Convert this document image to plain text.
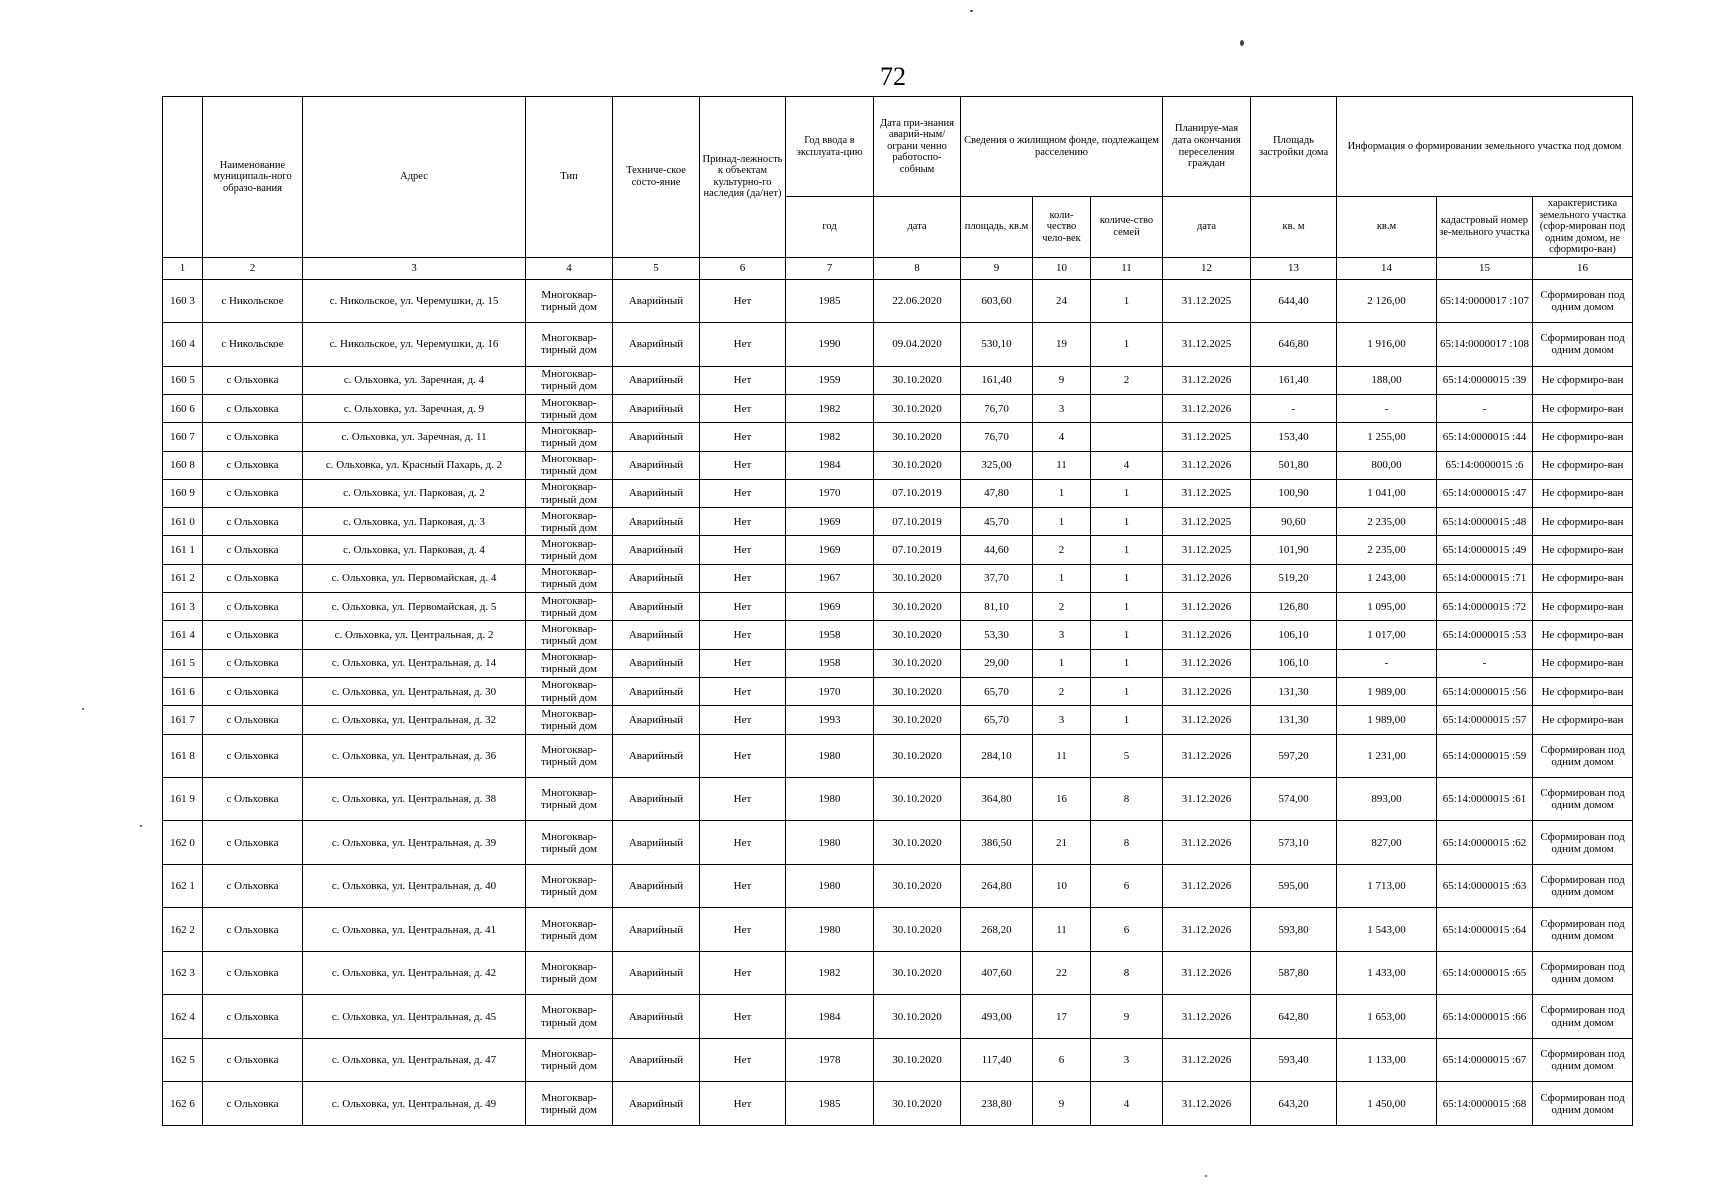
72
	Наименование муниципаль-ного образо-вания	Адрес	Тип	Техниче-ское состо-яние	Принад-лежность к объектам культурно-го наследия (да/нет)	Год ввода в эксплуата-цию	Дата при-знания аварий-ным/ограни ченно работоспо-собным	Сведения о жилищном фонде, подлежащем расселению			Планируе-мая дата окончания переселения граждан	Площадь застройки дома	Информация о формировании земельного участка под домом		
						год	дата	площадь, кв.м	коли-чество чело-век	количе-ство семей	дата	кв. м	кв.м	кадастровый номер зе-мельного участка	характеристика земельного участка (сфор-мирован под одним домом, не сформиро-ван)
1	2	3	4	5	6	7	8	9	10	11	12	13	14	15	16
160 3	с Никольское	с. Никольское, ул. Черемушки, д. 15	Многоквар-тирный дом	Аварийный	Нет	1985	22.06.2020	603,60	24	1	31.12.2025	644,40	2 126,00	65:14:0000017 :107	Сформирован под одним домом
160 4	с Никольское	с. Никольское, ул. Черемушки, д. 16	Многоквар-тирный дом	Аварийный	Нет	1990	09.04.2020	530,10	19	1	31.12.2025	646,80	1 916,00	65:14:0000017 :108	Сформирован под одним домом
160 5	с Ольховка	с. Ольховка, ул. Заречная, д. 4	Многоквар-тирный дом	Аварийный	Нет	1959	30.10.2020	161,40	9	2	31.12.2026	161,40	188,00	65:14:0000015 :39	Не сформиро-ван
160 6	с Ольховка	с. Ольховка, ул. Заречная, д. 9	Многоквар-тирный дом	Аварийный	Нет	1982	30.10.2020	76,70	3		31.12.2026	-	-	-	Не сформиро-ван
160 7	с Ольховка	с. Ольховка, ул. Заречная, д. 11	Многоквар-тирный дом	Аварийный	Нет	1982	30.10.2020	76,70	4		31.12.2025	153,40	1 255,00	65:14:0000015 :44	Не сформиро-ван
160 8	с Ольховка	с. Ольховка, ул. Красный Пахарь, д. 2	Многоквар-тирный дом	Аварийный	Нет	1984	30.10.2020	325,00	11	4	31.12.2026	501,80	800,00	65:14:0000015 :6	Не сформиро-ван
160 9	с Ольховка	с. Ольховка, ул. Парковая, д. 2	Многоквар-тирный дом	Аварийный	Нет	1970	07.10.2019	47,80	1	1	31.12.2025	100,90	1 041,00	65:14:0000015 :47	Не сформиро-ван
161 0	с Ольховка	с. Ольховка, ул. Парковая, д. 3	Многоквар-тирный дом	Аварийный	Нет	1969	07.10.2019	45,70	1	1	31.12.2025	90,60	2 235,00	65:14:0000015 :48	Не сформиро-ван
161 1	с Ольховка	с. Ольховка, ул. Парковая, д. 4	Многоквар-тирный дом	Аварийный	Нет	1969	07.10.2019	44,60	2	1	31.12.2025	101,90	2 235,00	65:14:0000015 :49	Не сформиро-ван
161 2	с Ольховка	с. Ольховка, ул. Первомайская, д. 4	Многоквар-тирный дом	Аварийный	Нет	1967	30.10.2020	37,70	1	1	31.12.2026	519,20	1 243,00	65:14:0000015 :71	Не сформиро-ван
161 3	с Ольховка	с. Ольховка, ул. Первомайская, д. 5	Многоквар-тирный дом	Аварийный	Нет	1969	30.10.2020	81,10	2	1	31.12.2026	126,80	1 095,00	65:14:0000015 :72	Не сформиро-ван
161 4	с Ольховка	с. Ольховка, ул. Центральная, д. 2	Многоквар-тирный дом	Аварийный	Нет	1958	30.10.2020	53,30	3	1	31.12.2026	106,10	1 017,00	65:14:0000015 :53	Не сформиро-ван
161 5	с Ольховка	с. Ольховка, ул. Центральная, д. 14	Многоквар-тирный дом	Аварийный	Нет	1958	30.10.2020	29,00	1	1	31.12.2026	106,10	-	-	Не сформиро-ван
161 6	с Ольховка	с. Ольховка, ул. Центральная, д. 30	Многоквар-тирный дом	Аварийный	Нет	1970	30.10.2020	65,70	2	1	31.12.2026	131,30	1 989,00	65:14:0000015 :56	Не сформиро-ван
161 7	с Ольховка	с. Ольховка, ул. Центральная, д. 32	Многоквар-тирный дом	Аварийный	Нет	1993	30.10.2020	65,70	3	1	31.12.2026	131,30	1 989,00	65:14:0000015 :57	Не сформиро-ван
161 8	с Ольховка	с. Ольховка, ул. Центральная, д. 36	Многоквар-тирный дом	Аварийный	Нет	1980	30.10.2020	284,10	11	5	31.12.2026	597,20	1 231,00	65:14:0000015 :59	Сформирован под одним домом
161 9	с Ольховка	с. Ольховка, ул. Центральная, д. 38	Многоквар-тирный дом	Аварийный	Нет	1980	30.10.2020	364,80	16	8	31.12.2026	574,00	893,00	65:14:0000015 :61	Сформирован под одним домом
162 0	с Ольховка	с. Ольховка, ул. Центральная, д. 39	Многоквар-тирный дом	Аварийный	Нет	1980	30.10.2020	386,50	21	8	31.12.2026	573,10	827,00	65:14:0000015 :62	Сформирован под одним домом
162 1	с Ольховка	с. Ольховка, ул. Центральная, д. 40	Многоквар-тирный дом	Аварийный	Нет	1980	30.10.2020	264,80	10	6	31.12.2026	595,00	1 713,00	65:14:0000015 :63	Сформирован под одним домом
162 2	с Ольховка	с. Ольховка, ул. Центральная, д. 41	Многоквар-тирный дом	Аварийный	Нет	1980	30.10.2020	268,20	11	6	31.12.2026	593,80	1 543,00	65:14:0000015 :64	Сформирован под одним домом
162 3	с Ольховка	с. Ольховка, ул. Центральная, д. 42	Многоквар-тирный дом	Аварийный	Нет	1982	30.10.2020	407,60	22	8	31.12.2026	587,80	1 433,00	65:14:0000015 :65	Сформирован под одним домом
162 4	с Ольховка	с. Ольховка, ул. Центральная, д. 45	Многоквар-тирный дом	Аварийный	Нет	1984	30.10.2020	493,00	17	9	31.12.2026	642,80	1 653,00	65:14:0000015 :66	Сформирован под одним домом
162 5	с Ольховка	с. Ольховка, ул. Центральная, д. 47	Многоквар-тирный дом	Аварийный	Нет	1978	30.10.2020	117,40	6	3	31.12.2026	593,40	1 133,00	65:14:0000015 :67	Сформирован под одним домом
162 6	с Ольховка	с. Ольховка, ул. Центральная, д. 49	Многоквар-тирный дом	Аварийный	Нет	1985	30.10.2020	238,80	9	4	31.12.2026	643,20	1 450,00	65:14:0000015 :68	Сформирован под одним домом
